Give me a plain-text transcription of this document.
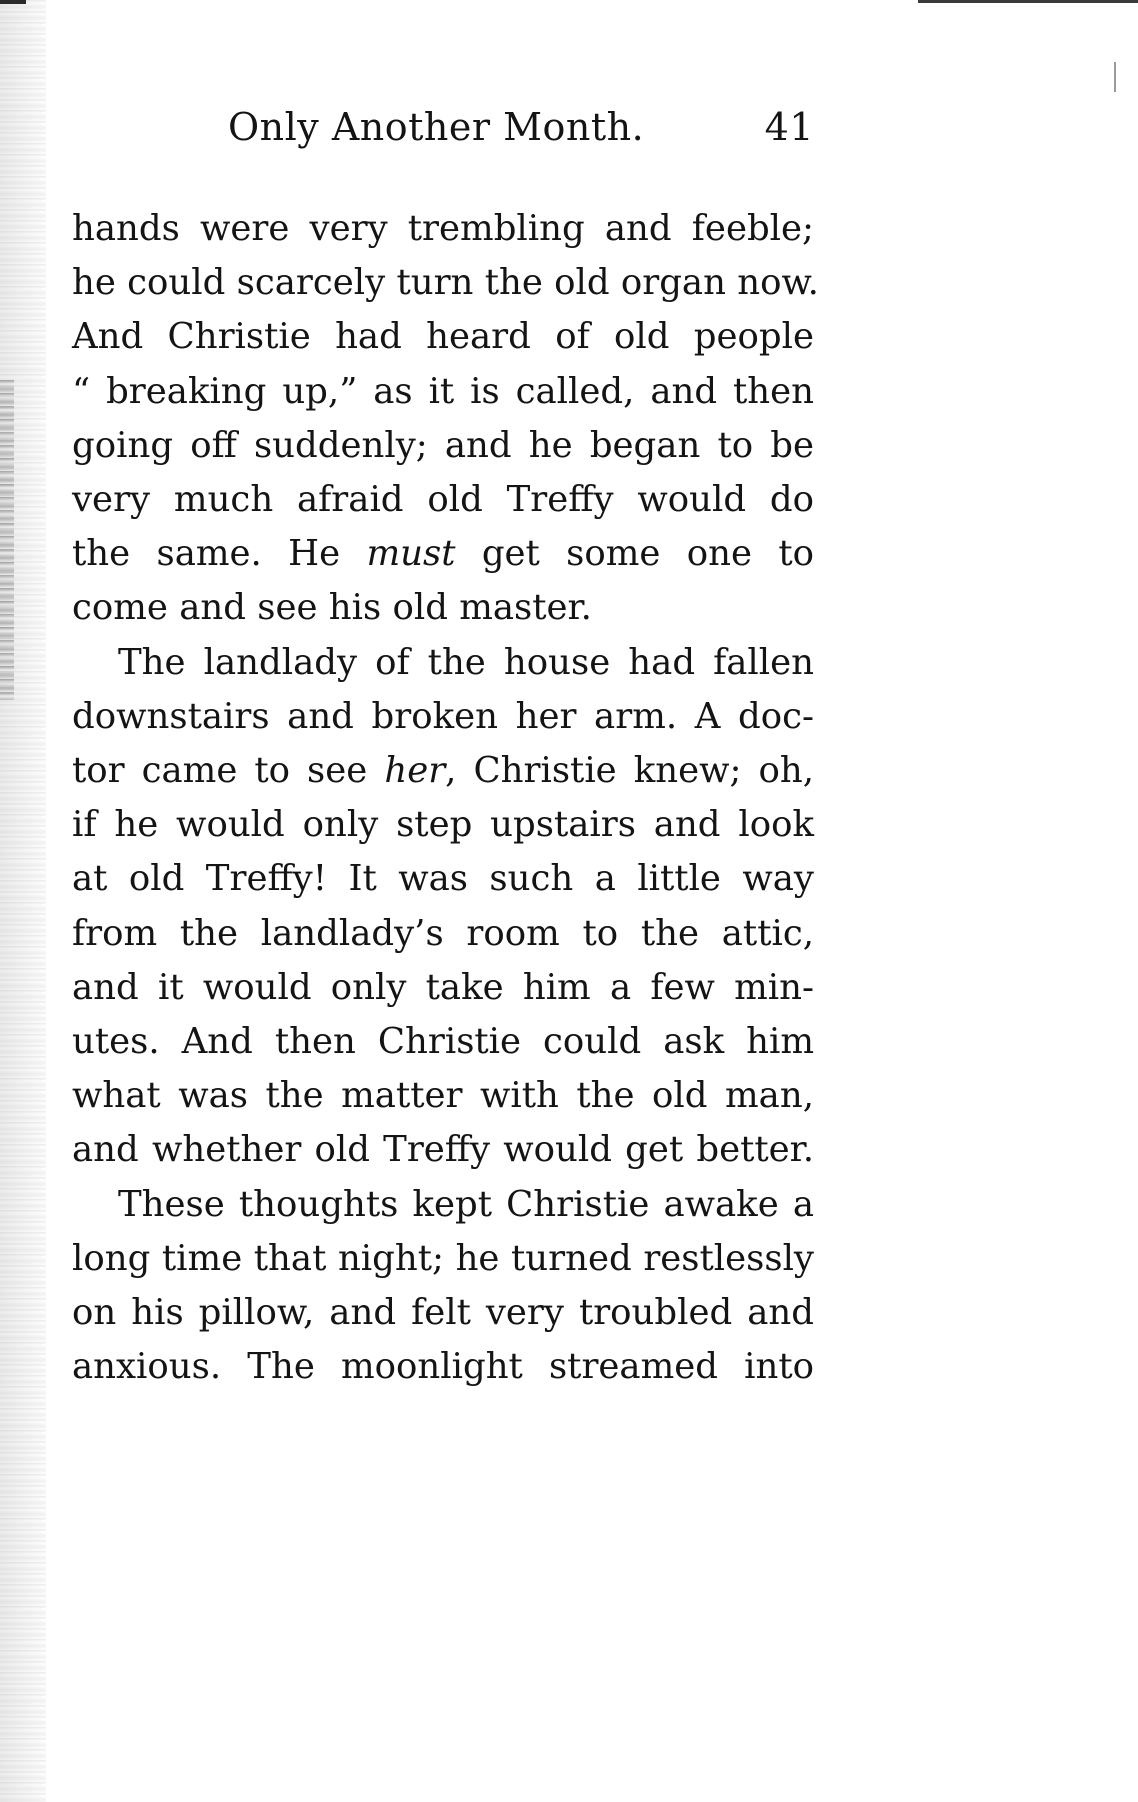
Only Another Month.	41
hands were very trembling and feeble;
he could scarcely turn the old organ now.
And Christie had heard of old people
“ breaking up,” as it is called, and then
going off suddenly; and he began to be
very much afraid old Treffy would do
the same. He must get some one to
come and see his old master.
The landlady of the house had fallen
downstairs and broken her arm. A doc-
tor came to see her, Christie knew; oh,
if he would only step upstairs and look
at old Treffy! It was such a little way
from the landlady’s room to the attic,
and it would only take him a few min-
utes. And then Christie could ask him
what was the matter with the old man,
and whether old Treffy would get better.
These thoughts kept Christie awake a
long time that night; he turned restlessly
on his pillow, and felt very troubled and
anxious. The moonlight streamed into
